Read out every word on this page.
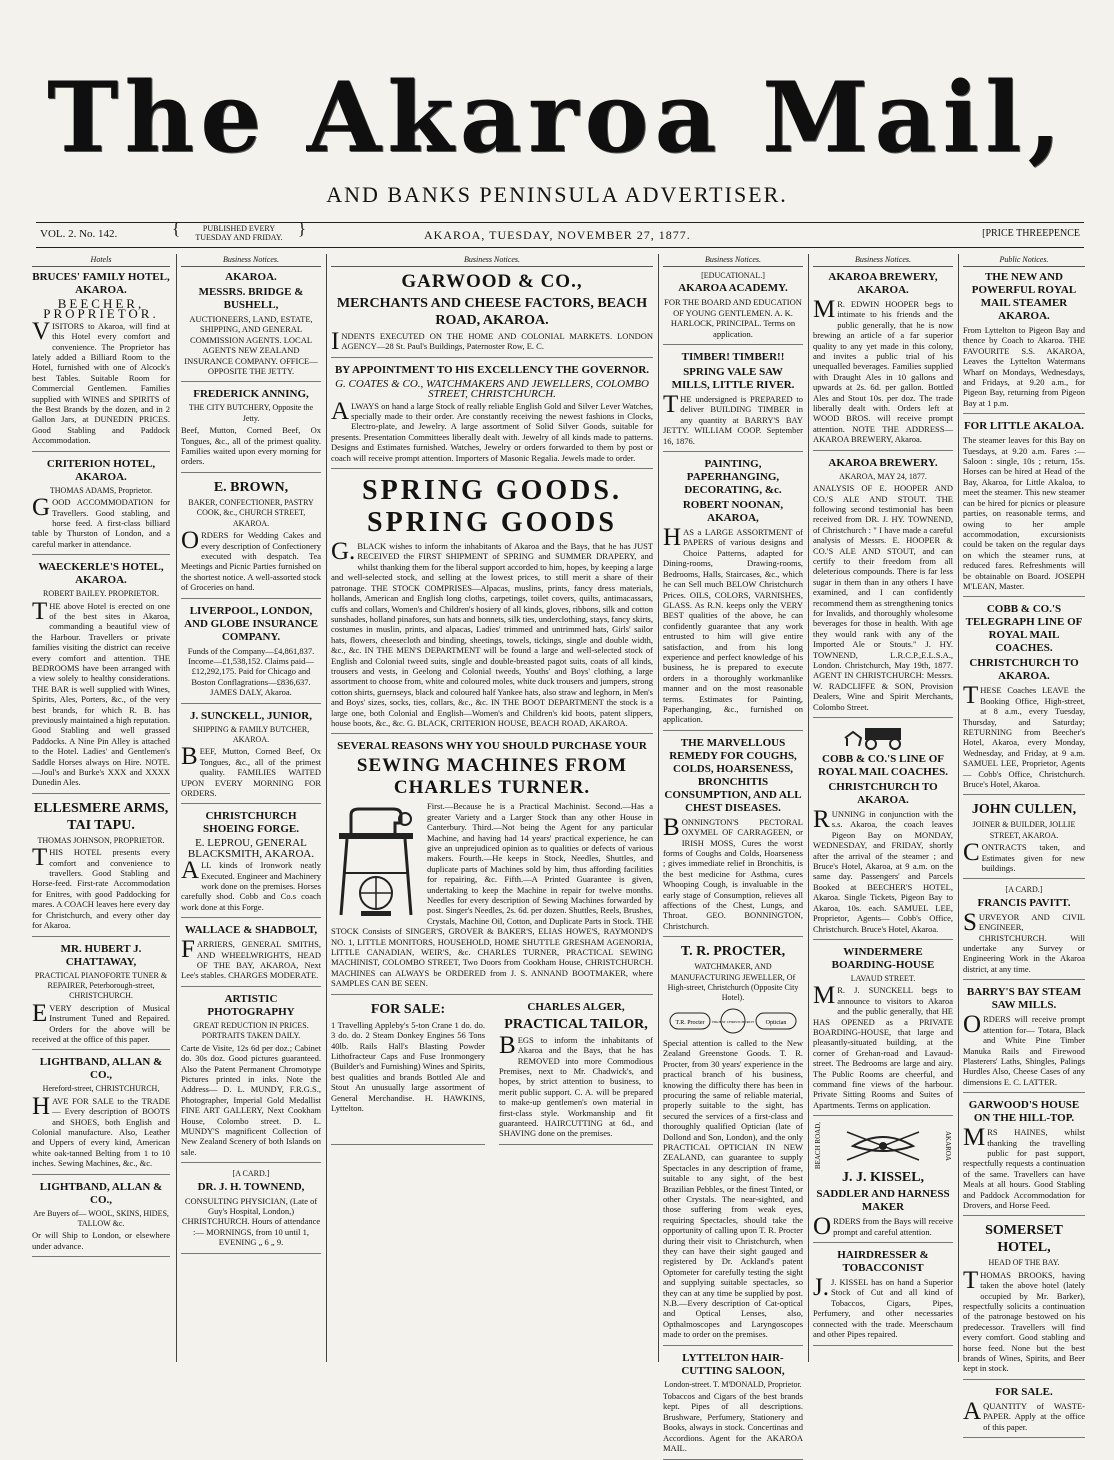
The Akaroa Mail,
AND BANKS PENINSULA ADVERTISER.
VOL. 2. No. 142.
{	PUBLISHED EVERY TUESDAY AND FRIDAY. }	AKAROA, TUESDAY, NOVEMBER 27, 1877.	[PRICE THREEPENCE
Hotels
BRUCES' FAMILY HOTEL, AKAROA.
BEECHER, PROPRIETOR.

VISITORS to Akaroa, will find at this Hotel every comfort and convenience. The Proprietor has lately added a Billiard Room to the Hotel, furnished with one of Alcock's best Tables. Suitable Room for Commercial Gentlemen. Families supplied with WINES and SPIRITS of the Best Brands by the dozen, and in 2 Gallon Jars, at DUNEDIN PRICES. Good Stabling and Paddock Accommodation.

CRITERION HOTEL, AKAROA.
THOMAS ADAMS, Proprietor.

GOOD ACCOMMODATION for Travellers. Good stabling, and horse feed. A first-class billiard table by Thurston of London, and a careful marker in attendance.

WAECKERLE'S HOTEL, AKAROA.
ROBERT BAILEY. PROPRIETOR.

THE above Hotel is erected on one of the best sites in Akaroa, commanding a beautiful view of the Harbour. Travellers or private families visiting the district can receive every comfort and attention. THE BEDROOMS have been arranged with a view solely to healthy considerations. THE BAR is well supplied with Wines, Spirits, Ales, Porters, &c., of the very best brands, for which R. B. has previously maintained a high reputation. Good Stabling and well grassed Paddocks. A Nine Pin Alley is attached to the Hotel. Ladies' and Gentlemen's Saddle Horses always on Hire. NOTE.—Joul's and Burke's XXX and XXXX Dunedin Ales.

ELLESMERE ARMS, TAI TAPU.
THOMAS JOHNSON, PROPRIETOR.

THIS HOTEL presents every comfort and convenience to travellers. Good Stabling and Horse-feed. First-rate Accommodation for Enitres, with good Paddocking for mares. A COACH leaves here every day for Christchurch, and every other day for Akaroa.

MR. HUBERT J. CHATTAWAY,
PRACTICAL PIANOFORTE TUNER & REPAIRER, Peterborough-street, CHRISTCHURCH.

EVERY description of Musical Instrument Tuned and Repaired. Orders for the above will be received at the office of this paper.

LIGHTBAND, ALLAN & CO.,
Hereford-street, CHRISTCHURCH,

HAVE FOR SALE to the TRADE— Every description of BOOTS and SHOES, both English and Colonial manufacture. Also, Leather and Uppers of every kind, American white oak-tanned Belting from 1 to 10 inches. Sewing Machines, &c., &c.

LIGHTBAND, ALLAN & CO.,
Are Buyers of— WOOL, SKINS, HIDES, TALLOW &c.

Or will Ship to London, or elsewhere under advance.

Business Notices.
AKAROA.
MESSRS. BRIDGE & BUSHELL,

AUCTIONEERS, LAND, ESTATE, SHIPPING, AND GENERAL COMMISSION AGENTS. LOCAL AGENTS NEW ZEALAND INSURANCE COMPANY. OFFICE—OPPOSITE THE JETTY.

FREDERICK ANNING,
THE CITY BUTCHERY, Opposite the Jetty.

Beef, Mutton, Corned Beef, Ox Tongues, &c., all of the primest quality. Families waited upon every morning for orders.

E. BROWN,
BAKER, CONFECTIONER, PASTRY COOK, &c., CHURCH STREET, AKAROA.

ORDERS for Wedding Cakes and every description of Confectionery executed with despatch. Tea Meetings and Picnic Parties furnished on the shortest notice. A well-assorted stock of Groceries on hand.

LIVERPOOL, LONDON, AND GLOBE INSURANCE COMPANY.

Funds of the Company—£4,861,837. Income—£1,538,152. Claims paid—£12,292,175. Paid for Chicago and Boston Conflagrations—£836,637. JAMES DALY, Akaroa.

J. SUNCKELL, JUNIOR,
SHIPPING & FAMILY BUTCHER, AKAROA.

BEEF, Mutton, Corned Beef, Ox Tongues, &c., all of the primest quality. FAMILIES WAITED UPON EVERY MORNING FOR ORDERS.

CHRISTCHURCH SHOEING FORGE.
E. LEPROU, GENERAL BLACKSMITH, AKAROA.

ALL kinds of Ironwork neatly Executed. Engineer and Machinery work done on the premises. Horses carefully shod. Cobb and Co.s coach work done at this Forge.

WALLACE & SHADBOLT,

FARRIERS, GENERAL SMITHS, AND WHEELWRIGHTS, HEAD OF THE BAY, AKAROA, Next Lee's stables. CHARGES MODERATE.

ARTISTIC PHOTOGRAPHY
GREAT REDUCTION IN PRICES. PORTRAITS TAKEN DAILY.

Carte de Visite, 12s 6d per doz.; Cabinet do. 30s doz. Good pictures guaranteed. Also the Patent Permanent Chromotype Pictures printed in inks. Note the Address— D. L. MUNDY, F.R.G.S., Photographer, Imperial Gold Medallist FINE ART GALLERY, Next Cookham House, Colombo street. D. L. MUNDY'S magnificent Collection of New Zealand Scenery of both Islands on sale.

[A CARD.]
DR. J. H. TOWNEND,

CONSULTING PHYSICIAN, (Late of Guy's Hospital, London,) CHRISTCHURCH. Hours of attendance :— MORNINGS, from 10 until 1, EVENING „ 6 „ 9.

Business Notices.
GARWOOD & CO.,
MERCHANTS AND CHEESE FACTORS, BEACH ROAD, AKAROA.

INDENTS EXECUTED ON THE HOME AND COLONIAL MARKETS. LONDON AGENCY—28 St. Paul's Buildings, Paternoster Row, E. C.

BY APPOINTMENT TO HIS EXCELLENCY THE GOVERNOR.
G. COATES & CO., WATCHMAKERS AND JEWELLERS, COLOMBO STREET, CHRISTCHURCH.

ALWAYS on hand a large Stock of really reliable English Gold and Silver Lever Watches, specially made to their order. Are constantly receiving the newest fashions in Clocks, Electro-plate, and Jewelry. A large assortment of Solid Silver Goods, suitable for presents. Presentation Committees liberally dealt with. Jewelry of all kinds made to patterns. Designs and Estimates furnished. Watches, Jewelry or orders forwarded to them by post or coach will receive prompt attention. Importers of Masonic Regalia. Jewels made to order.

SPRING GOODS. SPRING GOODS

G.BLACK wishes to inform the inhabitants of Akaroa and the Bays, that he has JUST RECEIVED the FIRST SHIPMENT of SPRING and SUMMER DRAPERY, and whilst thanking them for the liberal support accorded to him, hopes, by keeping a large and well-selected stock, and selling at the lowest prices, to still merit a share of their patronage. THE STOCK COMPRISES—Alpacas, muslins, prints, fancy dress materials, hollands, American and English long cloths, carpetings, toilet covers, quilts, antimacassars, cuffs and collars, Women's and Children's hosiery of all kinds, gloves, ribbons, silk and cotton sunshades, holland pinafores, sun hats and bonnets, silk ties, underclothing, stays, fancy skirts, costumes in muslin, prints, and alpacas, Ladies' trimmed and untrimmed hats, Girls' sailor hats, flowers, cheesecloth and binding, sheetings, towels, tickings, single and double width, &c., &c. IN THE MEN'S DEPARTMENT will be found a large and well-selected stock of English and Colonial tweed suits, single and double-breasted pagot suits, coats of all kinds, trousers and vests, in Geelong and Colonial tweeds, Youths' and Boys' clothing, a large assortment to choose from, white and coloured moles, white duck trousers and jumpers, strong cotton shirts, guernseys, black and coloured half Yankee hats, also straw and leghorn, in Men's and Boys' sizes, socks, ties, collars, &c., &c. IN THE BOOT DEPARTMENT the stock is a large one, both Colonial and English—Women's and Children's kid boots, patent slippers, house boots, &c., &c. G. BLACK, CRITERION HOUSE, BEACH ROAD, AKAROA.

SEVERAL REASONS WHY YOU SHOULD PURCHASE YOUR
SEWING MACHINES FROM CHARLES TURNER.

First.—Because he is a Practical Machinist. Second.—Has a greater Variety and a Larger Stock than any other House in Canterbury. Third.—Not being the Agent for any particular Machine, and having had 14 years' practical experience, he can give an unprejudiced opinion as to qualities or defects of various makers. Fourth.—He keeps in Stock, Needles, Shuttles, and duplicate parts of Machines sold by him, thus affording facilities for repairing, &c. Fifth.—A Printed Guarantee is given, undertaking to keep the Machine in repair for twelve months. Needles for every description of Sewing Machines forwarded by post. Singer's Needles, 2s. 6d. per dozen. Shuttles, Reels, Brushes, Crystals, Machine Oil, Cotton, and Duplicate Parts in Stock. THE STOCK Consists of SINGER'S, GROVER & BAKER'S, ELIAS HOWE'S, RAYMOND'S NO. 1, LITTLE MONITORS, HOUSEHOLD, HOME SHUTTLE GRESHAM AGENORIA, LITTLE CANADIAN, WEIR'S, &c. CHARLES TURNER, PRACTICAL SEWING MACHINIST, COLOMBO STREET, Two Doors from Cookham House, CHRISTCHURCH. MACHINES can ALWAYS be ORDERED from J. S. ANNAND BOOTMAKER, where SAMPLES CAN BE SEEN.

FOR SALE:

1 Travelling Appleby's 5-ton Crane 1 do. do. 3 do. do. 2 Steam Donkey Engines 56 Tons 40lb. Rails Hall's Blasting Powder Lithofracteur Caps and Fuse Ironmongery (Builder's and Furnishing) Wines and Spirits, best qualities and brands Bottled Ale and Stout An unusually large assortment of General Merchandise. H. HAWKINS, Lyttelton.

CHARLES ALGER,
PRACTICAL TAILOR,

BEGS to inform the inhabitants of Akaroa and the Bays, that he has REMOVED into more Commodious Premises, next to Mr. Chadwick's, and hopes, by strict attention to business, to merit public support. C. A. will be prepared to make-up gentlemen's own material in first-class style. Workmanship and fit guaranteed. HAIRCUTTING at 6d., and SHAVING done on the premises.

Business Notices.
[EDUCATIONAL.]
AKAROA ACADEMY.

FOR THE BOARD AND EDUCATION OF YOUNG GENTLEMEN. A. K. HARLOCK, PRINCIPAL. Terms on application.

TIMBER! TIMBER!!
SPRING VALE SAW MILLS, LITTLE RIVER.

THE undersigned is PREPARED to deliver BUILDING TIMBER in any quantity at BARRY'S BAY JETTY. WILLIAM COOP. September 16, 1876.

PAINTING, PAPERHANGING, DECORATING, &c.
ROBERT NOONAN, AKAROA,

HAS a LARGE ASSORTMENT of PAPERS of various designs and Choice Patterns, adapted for Dining-rooms, Drawing-rooms, Bedrooms, Halls, Staircases, &c., which he can Sell much BELOW Christchurch Prices. OILS, COLORS, VARNISHES, GLASS. As R.N. keeps only the VERY BEST qualities of the above, he can confidently guarantee that any work entrusted to him will give entire satisfaction, and from his long experience and perfect knowledge of his business, he is prepared to execute orders in a thoroughly workmanlike manner and on the most reasonable terms. Estimates for Painting, Paperhanging, &c., furnished on application.

THE MARVELLOUS REMEDY FOR COUGHS, COLDS, HOARSENESS, BRONCHITIS CONSUMPTION, AND ALL CHEST DISEASES.

BONNINGTON'S PECTORAL OXYMEL OF CARRAGEEN, or IRISH MOSS, Cures the worst forms of Coughs and Colds, Hoarseness ; gives immediate relief in Bronchitis, is the best medicine for Asthma, cures Whooping Cough, is invaluable in the early stage of Consumption, relieves all affections of the Chest, Lungs, and Throat. GEO. BONNINGTON, Christchurch.

T. R. PROCTER,
WATCHMAKER, AND MANUFACTURING JEWELLER, Of High-street, Christchurch (Opposite City Hotel).
T.R. Procter HIGH ST CHRISTCHURCH Optician

Special attention is called to the New Zealand Greenstone Goods. T. R. Procter, from 30 years' experience in the practical branch of his business, knowing the difficulty there has been in procuring the same of reliable material, properly suitable to the sight, has secured the services of a first-class and thoroughly qualified Optician (late of Dollond and Son, London), and the only PRACTICAL OPTICIAN IN NEW ZEALAND, can guarantee to supply Spectacles in any description of frame, suitable to any sight, of the best Brazilian Pebbles, or the finest Tinted, or other Crystals. The near-sighted, and those suffering from weak eyes, requiring Spectacles, should take the opportunity of calling upon T. R. Procter during their visit to Christchurch, when they can have their sight gauged and registered by Dr. Ackland's patent Optometer for carefully testing the sight and supplying suitable spectacles, so they can at any time be supplied by post. N.B.—Every description of Cat-optical and Optical Lenses, also, Opthalmoscopes and Laryngoscopes made to order on the premises.

LYTTELTON HAIR-CUTTING SALOON,
London-street. T. M'DONALD, Proprietor.

Tobaccos and Cigars of the best brands kept. Pipes of all descriptions. Brushware, Perfumery, Stationery and Books, always in stock. Concertinas and Accordions. Agent for the AKAROA MAIL.

Business Notices.
AKAROA BREWERY, AKAROA.

MR. EDWIN HOOPER begs to intimate to his friends and the public generally, that he is now brewing an article of a far superior quality to any yet made in this colony, and invites a public trial of his unequalled beverages. Families supplied with Draught Ales in 10 gallons and upwards at 2s. 6d. per gallon. Bottled Ales and Stout 10s. per doz. The trade liberally dealt with. Orders left at WOOD BROS. will receive prompt attention. NOTE THE ADDRESS— AKAROA BREWERY, Akaroa.

AKAROA BREWERY.
AKAROA, MAY 24, 1877.

ANALYSIS OF E. HOOPER AND CO.'S ALE AND STOUT. THE following second testimonial has been received from DR. J. HY. TOWNEND, of Christchurch : " I have made a careful analysis of Messrs. E. HOOPER & CO.'S ALE AND STOUT, and can certify to their freedom from all deleterious compounds. There is far less sugar in them than in any others I have examined, and I can confidently recommend them as strengthening tonics for Invalids, and thoroughly wholesome beverages for those in health. With age they would rank with any of the Imported Ale or Stouts." J. HY. TOWNEND, L.R.C.P.,E.L.S.A., London. Christchurch, May 19th, 1877. AGENT IN CHRISTCHURCH: Messrs. W. RADCLIFFE & SON, Provision Dealers, Wine and Spirit Merchants, Colombo Street.

COBB & CO.'S LINE OF ROYAL MAIL COACHES.
CHRISTCHURCH TO AKAROA.

RUNNING in conjunction with the s.s. Akaroa, the coach leaves Pigeon Bay on MONDAY, WEDNESDAY, and FRIDAY, shortly after the arrival of the steamer ; and Bruce's Hotel, Akaroa, at 9 a.m. on the same day. Passengers' and Parcels Booked at BEECHER'S HOTEL, Akaroa. Single Tickets, Pigeon Bay to Akaroa, 10s. each. SAMUEL LEE, Proprietor, Agents— Cobb's Office, Christchurch. Bruce's Hotel, Akaroa.

WINDERMERE BOARDING-HOUSE
LAVAUD STREET.

MR. J. SUNCKELL begs to announce to visitors to Akaroa and the public generally, that HE HAS OPENED as a PRIVATE BOARDING-HOUSE, that large and pleasantly-situated building, at the corner of Grehan-road and Lavaud-street. The Bedrooms are large and airy. The Public Rooms are cheerful, and command fine views of the harbour. Private Sitting Rooms and Suites of Apartments. Terms on application.

BEACH ROAD,	AKAROA
J. J. KISSEL,
SADDLER AND HARNESS MAKER

ORDERS from the Bays will receive prompt and careful attention.

HAIRDRESSER & TOBACCONIST

J.J. KISSEL has on hand a Superior Stock of Cut and all kind of Tobaccos, Cigars, Pipes, Perfumery, and other necessaries connected with the trade. Meerschaum and other Pipes repaired.

Public Notices.
THE NEW AND POWERFUL ROYAL MAIL STEAMER AKAROA.

From Lyttelton to Pigeon Bay and thence by Coach to Akaroa. THE FAVOURITE S.S. AKAROA, Leaves the Lyttelton Watermans Wharf on Mondays, Wednesdays, and Fridays, at 9.20 a.m., for Pigeon Bay, returning from Pigeon Bay at 1 p.m.

FOR LITTLE AKALOA.

The steamer leaves for this Bay on Tuesdays, at 9.20 a.m. Fares :—Saloon : single, 10s ; return, 15s. Horses can be hired at Head of the Bay, Akaroa, for Little Akaloa, to meet the steamer. This new steamer can be hired for picnics or pleasure parties, on reasonable terms, and owing to her ample accommodation, excursionists could be taken on the regular days on which the steamer runs, at reduced fares. Refreshments will be obtainable on Board. JOSEPH M'LEAN, Master.

COBB & CO.'S TELEGRAPH LINE OF ROYAL MAIL COACHES.
CHRISTCHURCH TO AKAROA.

THESE Coaches LEAVE the Booking Office, High-street, at 8 a.m., every Tuesday, Thursday, and Saturday; RETURNING from Beecher's Hotel, Akaroa, every Monday, Wednesday, and Friday, at 9 a.m. SAMUEL LEE, Proprietor, Agents— Cobb's Office, Christchurch. Bruce's Hotel, Akaroa.

JOHN CULLEN,
JOINER & BUILDER, JOLLIE STREET, AKAROA.

CONTRACTS taken, and Estimates given for new buildings.

[A CARD.]
FRANCIS PAVITT.

SURVEYOR AND CIVIL ENGINEER, CHRISTCHURCH. Will undertake any Survey or Engineering Work in the Akaroa district, at any time.

BARRY'S BAY STEAM SAW MILLS.

ORDERS will receive prompt attention for— Totara, Black and White Pine Timber Manuka Rails and Firewood Plasterers' Laths, Shingles, Palings Hurdles Also, Cheese Cases of any dimensions E. C. LATTER.

GARWOOD'S HOUSE ON THE HILL-TOP.

MRS HAINES, whilst thanking the travelling public for past support, respectfully requests a continuation of the same. Travellers can have Meals at all hours. Good Stabling and Paddock Accommodation for Drovers, and Horse Feed.

SOMERSET HOTEL,
HEAD OF THE BAY.

THOMAS BROOKS, having taken the above hotel (lately occupied by Mr. Barker), respectfully solicits a continuation of the patronage bestowed on his predecessor. Travellers will find every comfort. Good stabling and horse feed. None but the best brands of Wines, Spirits, and Beer kept in stock.

FOR SALE.

AQUANTITY of WASTE-PAPER. Apply at the office of this paper.
